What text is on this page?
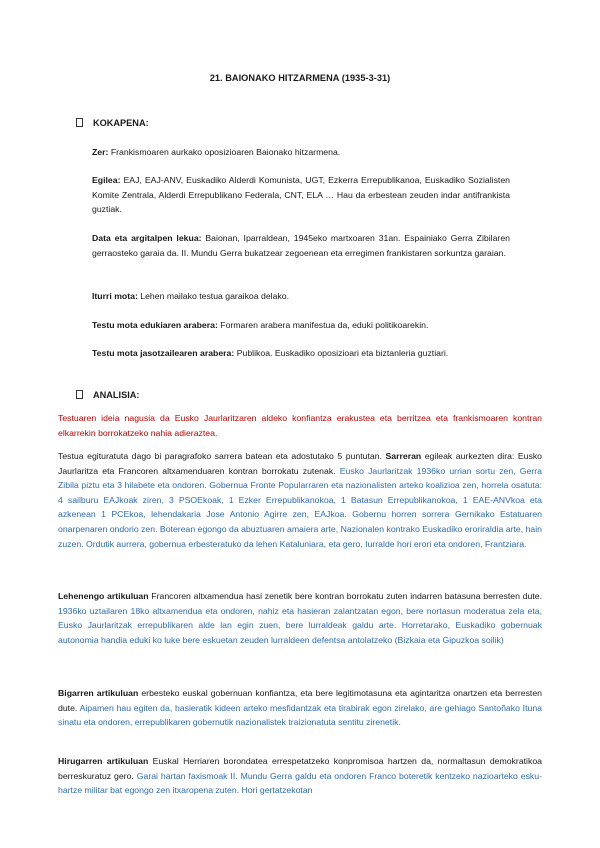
21. BAIONAKO HITZARMENA (1935-3-31)
KOKAPENA:
Zer: Frankismoaren aurkako oposizioaren Baionako hitzarmena.
Egilea: EAJ, EAJ-ANV, Euskadiko Alderdi Komunista, UGT, Ezkerra Errepublikanoa, Euskadiko Sozialisten Komite Zentrala, Alderdi Errepublikano Federala, CNT, ELA … Hau da erbestean zeuden indar antifrankista guztiak.
Data eta argitalpen lekua: Baionan, Iparraldean, 1945eko martxoaren 31an. Espainiako Gerra Zibilaren gerraosteko garaia da. II. Mundu Gerra bukatzear zegoenean eta erregimen frankistaren sorkuntza garaian.
Iturri mota: Lehen mailako testua garaikoa delako.
Testu mota edukiaren arabera: Formaren arabera manifestua da, eduki politikoarekin.
Testu mota jasotzailearen arabera: Publikoa. Euskadiko oposizioari eta biztanleria guztiari.
ANALISIA:
Testuaren ideia nagusia da Eusko Jaurlaritzaren aldeko konfiantza erakustea eta berritzea eta frankismoaren kontran elkarrekin borrokatzeko nahia adieraztea.
Testua egituratuta dago bi paragrafoko sarrera batean eta adostutako 5 puntutan. Sarreran egileak aurkezten dira: Eusko Jaurlaritza eta Francoren altxamenduaren kontran borrokatu zutenak. Eusko Jaurlaritzak 1936ko urrian sortu zen, Gerra Zibila piztu eta 3 hilabete eta ondoren. Gobernua Fronte Popularraren eta nazionalisten arteko koalizioa zen, horrela osatuta: 4 sailburu EAJkoak ziren, 3 PSOEkoak, 1 Ezker Errepublikanokoa, 1 Batasun Errepublikanokoa, 1 EAE-ANVkoa eta azkenean 1 PCEkoa, lehendakaria Jose Antonio Agirre zen, EAJkoa. Gobernu horren sorrera Gernikako Estatuaren onarpenaren ondorio zen. Boterean egongo da abuztuaren amaiera arte, Nazionalen kontrako Euskadiko eroriraldia arte, hain zuzen. Ordutik aurrera, gobernua erbesteratuko da lehen Kataluniara, eta gero, Iurralde hori erori eta ondoren, Frantziara.
Lehenengo artikuluan Francoren altxamendua hasi zenetik bere kontran borrokatu zuten indarren batasuna berresten dute. 1936ko uztailaren 18ko altxamendua eta ondoren, nahiz eta hasieran zalantzatan egon, bere nortasun moderatua zela eta, Eusko Jaurlaritzak errepublikaren alde lan egin zuen, bere lurraldeak galdu arte. Horretarako, Euskadiko gobernuak autonomia handia eduki ko luke bere eskuetan zeuden lurraldeen defentsa antolatzeko (Bizkaia eta Gipuzkoa soilik)
Bigarren artikuluan erbesteko euskal gobernuan konfiantza, eta bere legitimotasuna eta agintaritza onartzen eta berresten dute. Aipamen hau egiten da, hasieratik kideen arteko mesfidantzak eta tirabirak egon zirelako, are gehiago Santoñako Ituna sinatu eta ondoren, errepublikaren gobernutik nazionalistek traizionatuta sentitu zirenetik.
Hirugarren artikuluan Euskal Herriaren borondatea errespetatzeko konpromisoa hartzen da, normaltasun demokratikoa berreskuratuz gero. Garai hartan faxismoak II. Mundu Gerra galdu eta ondoren Franco boteretik kentzeko nazioarteko esku-hartze militar bat egongo zen itxaropena zuten. Hori gertatzekotan
